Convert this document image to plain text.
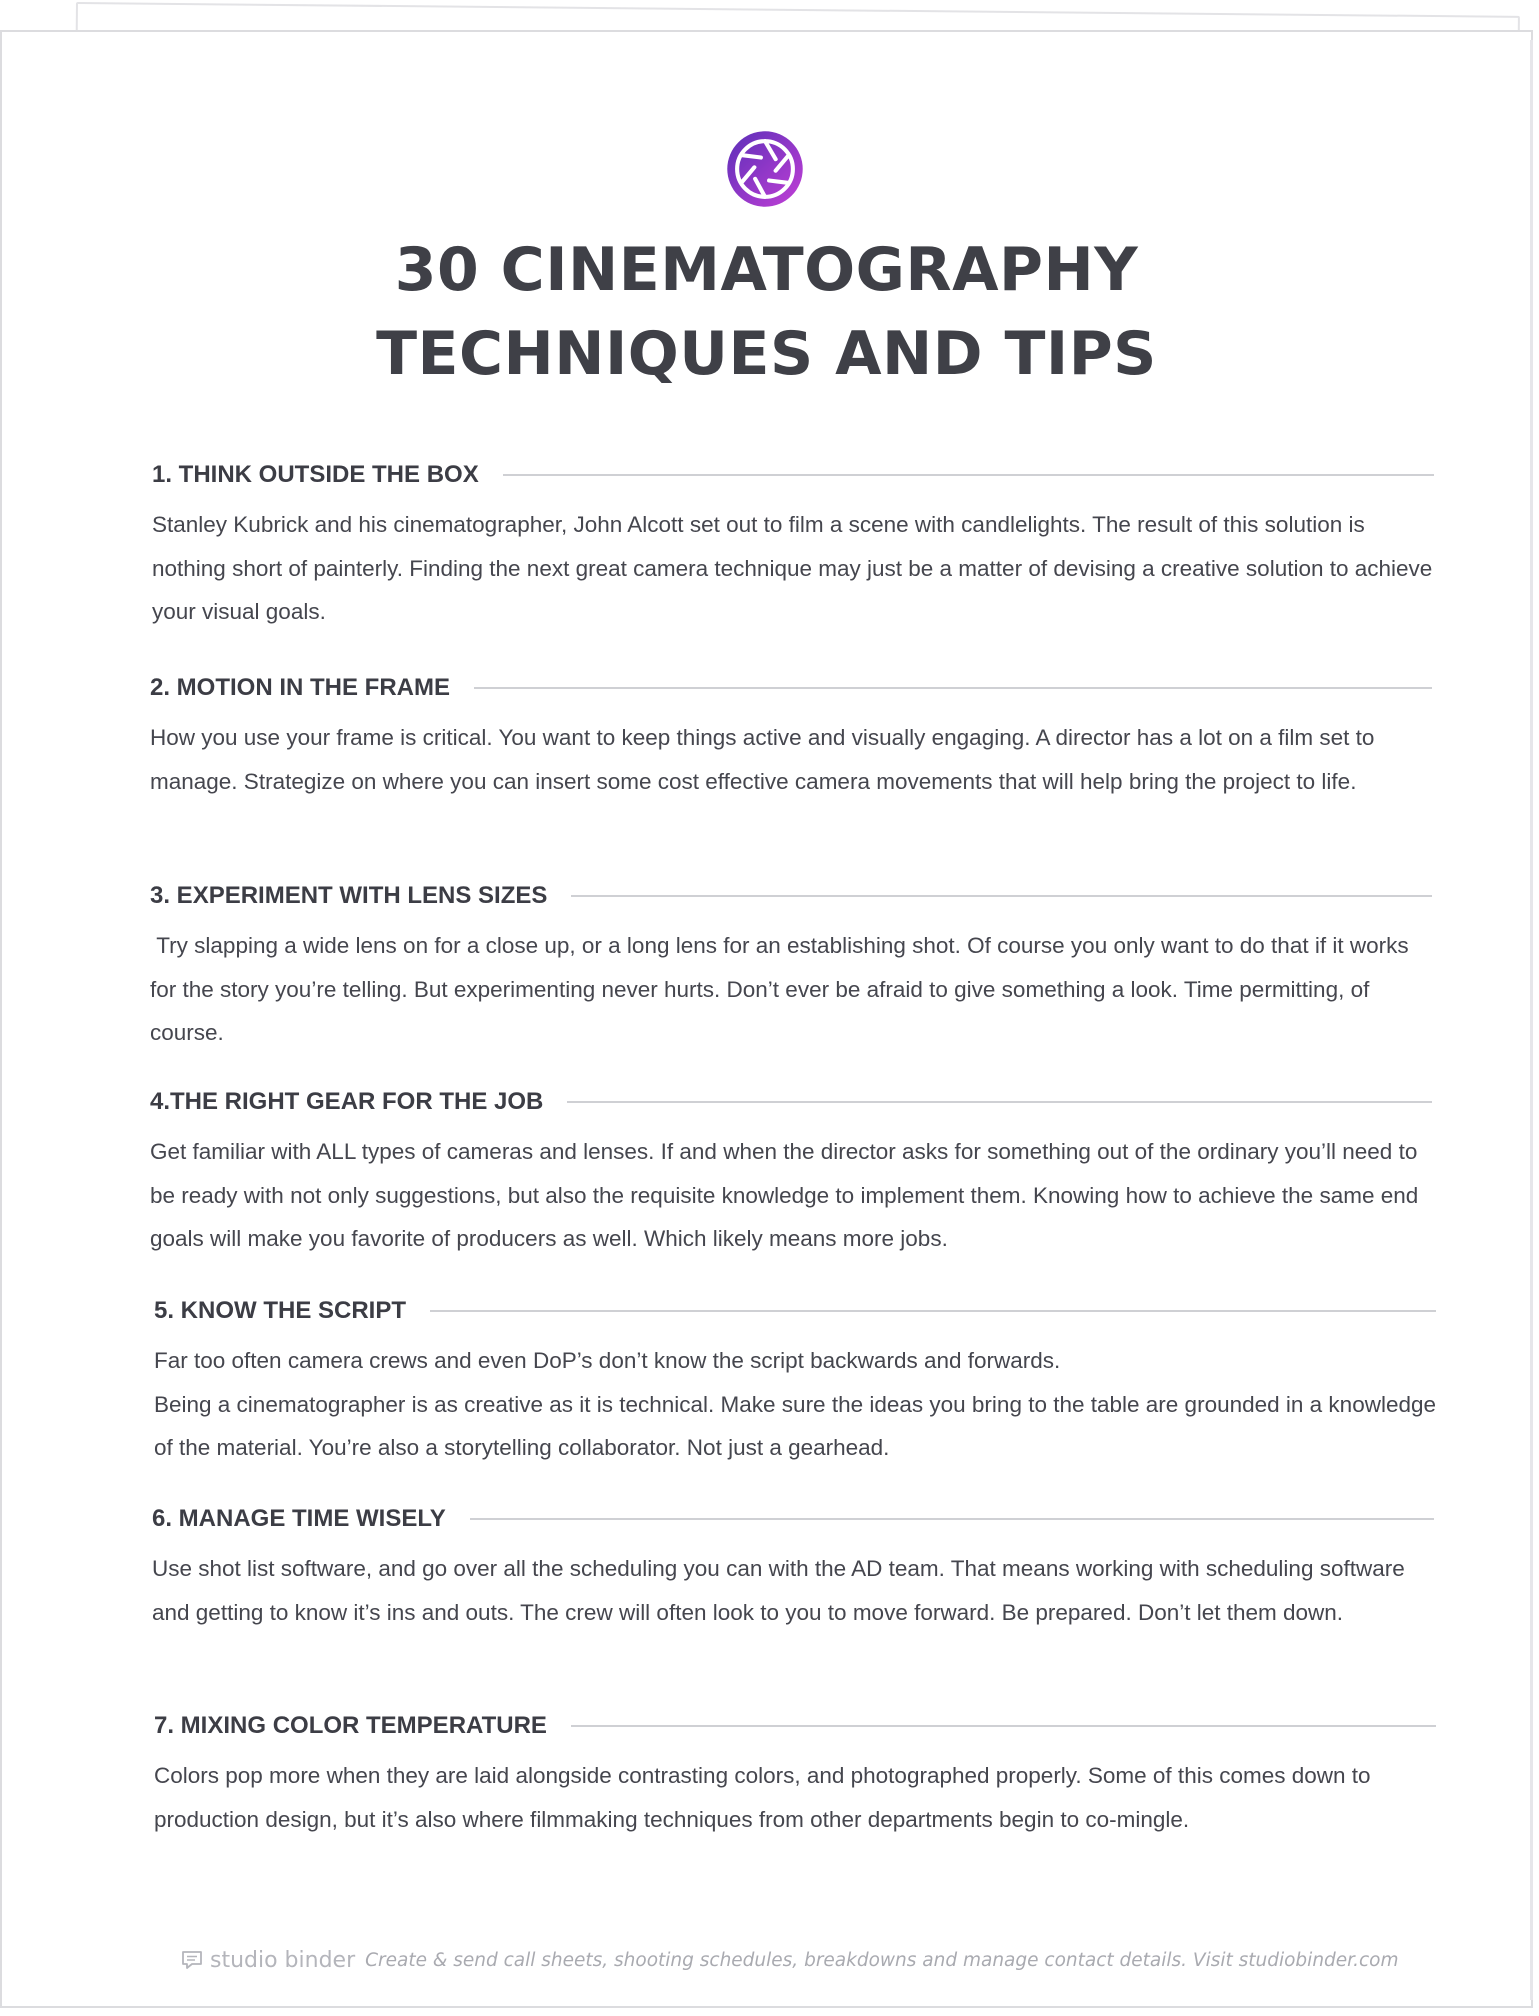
30 CINEMATOGRAPHY
TECHNIQUES AND TIPS
1. THINK OUTSIDE THE BOX

Stanley Kubrick and his cinematographer, John Alcott set out to film a scene with candlelights. The result of this solution is nothing short of painterly. Finding the next great camera technique may just be a matter of devising a creative solution to achieve your visual goals.

2. MOTION IN THE FRAME

How you use your frame is critical. You want to keep things active and visually engaging. A director has a lot on a film set to manage. Strategize on where you can insert some cost effective camera movements that will help bring the project to life.

3. EXPERIMENT WITH LENS SIZES

Try slapping a wide lens on for a close up, or a long lens for an establishing shot. Of course you only want to do that if it works for the story you’re telling. But experimenting never hurts. Don’t ever be afraid to give something a look. Time permitting, of course.

4.THE RIGHT GEAR FOR THE JOB

Get familiar with ALL types of cameras and lenses. If and when the director asks for something out of the ordinary you’ll need to be ready with not only suggestions, but also the requisite knowledge to implement them. Knowing how to achieve the same end goals will make you favorite of producers as well. Which likely means more jobs.

5. KNOW THE SCRIPT

Far too often camera crews and even DoP’s don’t know the script backwards and forwards.

Being a cinematographer is as creative as it is technical. Make sure the ideas you bring to the table are grounded in a knowledge of the material. You’re also a storytelling collaborator. Not just a gearhead.

6. MANAGE TIME WISELY

Use shot list software, and go over all the scheduling you can with the AD team. That means working with scheduling software and getting to know it’s ins and outs. The crew will often look to you to move forward. Be prepared. Don’t let them down.

7. MIXING COLOR TEMPERATURE

Colors pop more when they are laid alongside contrasting colors, and photographed properly. Some of this comes down to production design, but it’s also where filmmaking techniques from other departments begin to co-mingle.

studio binder Create & send call sheets, shooting schedules, breakdowns and manage contact details. Visit studiobinder.com
